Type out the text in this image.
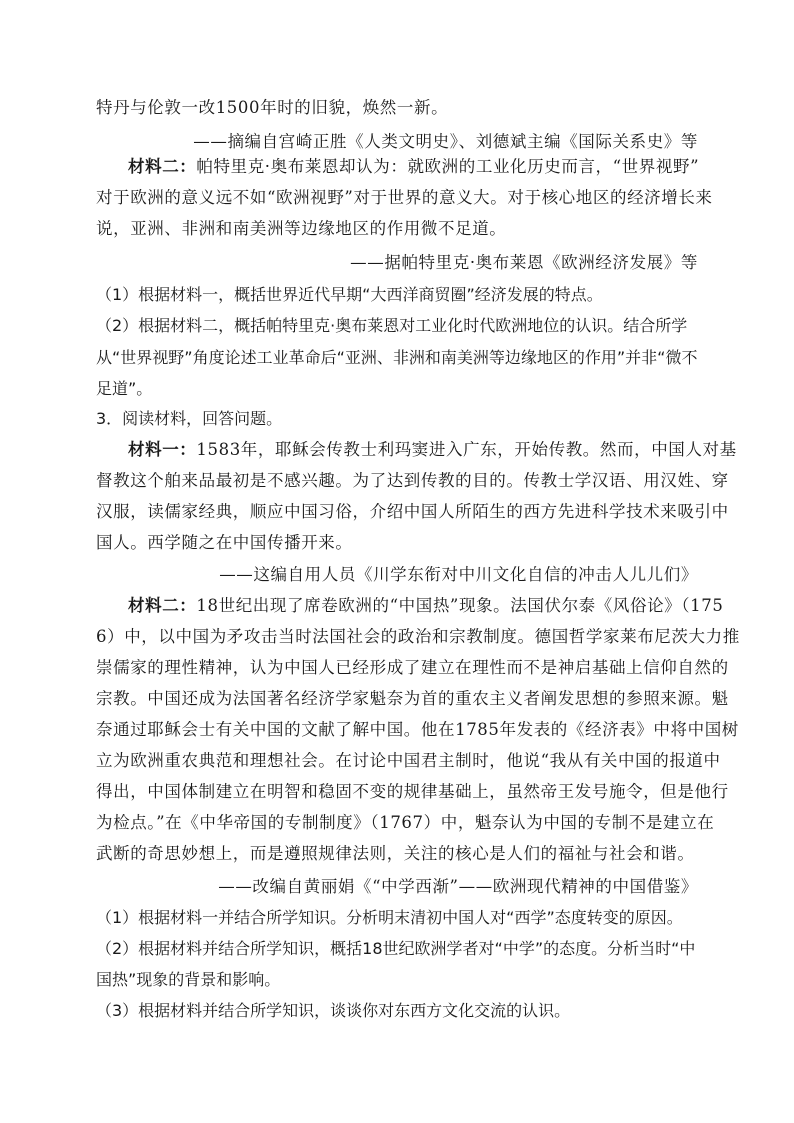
特丹与伦敦一改1500年时的旧貌，焕然一新。
——摘编自宫崎正胜《人类文明史》、刘德斌主编《国际关系史》等
材料二：帕特里克·奥布莱恩却认为：就欧洲的工业化历史而言，“世界视野”
对于欧洲的意义远不如“欧洲视野”对于世界的意义大。对于核心地区的经济增长来
说，亚洲、非洲和南美洲等边缘地区的作用微不足道。
——据帕特里克·奥布莱恩《欧洲经济发展》等
（1）根据材料一，概括世界近代早期“大西洋商贸圈”经济发展的特点。
（2）根据材料二，概括帕特里克·奥布莱恩对工业化时代欧洲地位的认识。结合所学
从“世界视野”角度论述工业革命后“亚洲、非洲和南美洲等边缘地区的作用”并非“微不
足道”。
3．阅读材料，回答问题。
材料一：1583年，耶稣会传教士利玛窦进入广东，开始传教。然而，中国人对基
督教这个舶来品最初是不感兴趣。为了达到传教的目的。传教士学汉语、用汉姓、穿
汉服，读儒家经典，顺应中国习俗，介绍中国人所陌生的西方先进科学技术来吸引中
国人。西学随之在中国传播开来。
——这编自用人员《川学东衔对中川文化自信的冲击人儿儿们》
材料二：18世纪出现了席卷欧洲的“中国热”现象。法国伏尔泰《风俗论》（175
6）中，以中国为矛攻击当时法国社会的政治和宗教制度。德国哲学家莱布尼茨大力推
崇儒家的理性精神，认为中国人已经形成了建立在理性而不是神启基础上信仰自然的
宗教。中国还成为法国著名经济学家魁奈为首的重农主义者阐发思想的参照来源。魁
奈通过耶稣会士有关中国的文献了解中国。他在1785年发表的《经济表》中将中国树
立为欧洲重农典范和理想社会。在讨论中国君主制时，他说“我从有关中国的报道中
得出，中国体制建立在明智和稳固不变的规律基础上，虽然帝王发号施令，但是他行
为检点。”在《中华帝国的专制制度》（1767）中，魁奈认为中国的专制不是建立在
武断的奇思妙想上，而是遵照规律法则，关注的核心是人们的福祉与社会和谐。
——改编自黄丽娟《“中学西渐”——欧洲现代精神的中国借鉴》
（1）根据材料一并结合所学知识。分析明末清初中国人对“西学”态度转变的原因。
（2）根据材料并结合所学知识，概括18世纪欧洲学者对“中学”的态度。分析当时“中
国热”现象的背景和影响。
（3）根据材料并结合所学知识，谈谈你对东西方文化交流的认识。
